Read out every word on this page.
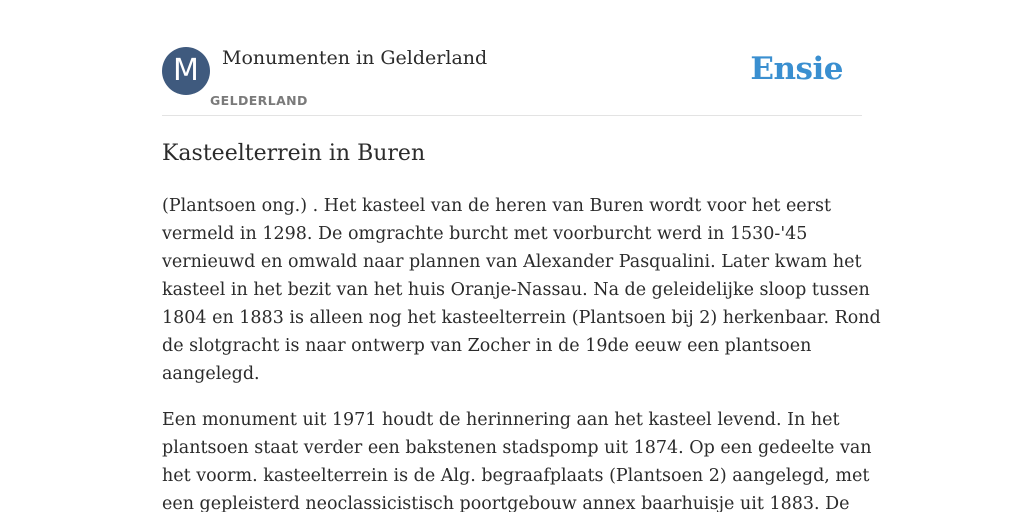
M	Monumenten in Gelderland
GELDERLAND
Ensie
Kasteelterrein in Buren

(Plantsoen ong.) . Het kasteel van de heren van Buren wordt voor het eerst
vermeld in 1298. De omgrachte burcht met voorburcht werd in 1530-'45
vernieuwd en omwald naar plannen van Alexander Pasqualini. Later kwam het
kasteel in het bezit van het huis Oranje-Nassau. Na de geleidelijke sloop tussen
1804 en 1883 is alleen nog het kasteelterrein (Plantsoen bij 2) herkenbaar. Rond
de slotgracht is naar ontwerp van Zocher in de 19de eeuw een plantsoen
aangelegd.

Een monument uit 1971 houdt de herinnering aan het kasteel levend. In het
plantsoen staat verder een bakstenen stadspomp uit 1874. Op een gedeelte van
het voorm. kasteelterrein is de Alg. begraafplaats (Plantsoen 2) aangelegd, met
een gepleisterd neoclassicistisch poortgebouw annex baarhuisje uit 1883. De
